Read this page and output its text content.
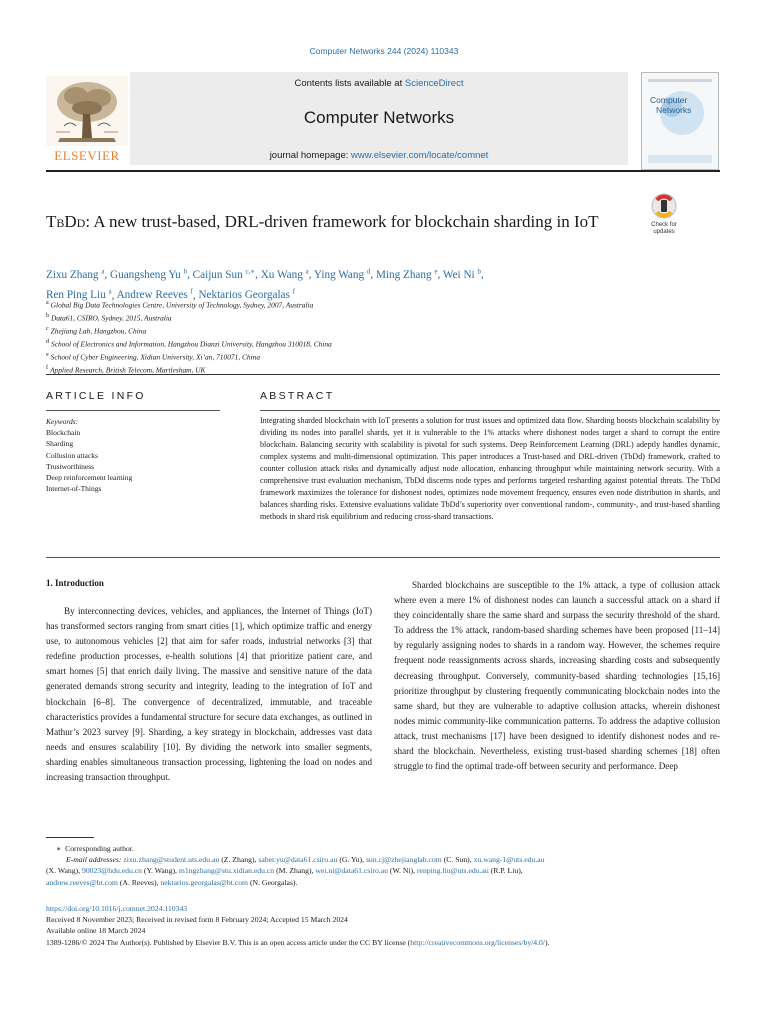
Computer Networks 244 (2024) 110343
Contents lists available at ScienceDirect
Computer Networks
journal homepage: www.elsevier.com/locate/comnet
ELSEVIER
Computer
Networks
TbDd: A new trust-based, DRL-driven framework for blockchain sharding in IoT	Check for
updates
Zixu Zhang $^a$, Guangsheng Yu $^b$, Caijun Sun $^{c,∗}$, Xu Wang $^a$, Ying Wang $^d$, Ming Zhang $^e$, Wei Ni $^b$,
Ren Ping Liu $^a$, Andrew Reeves $^f$, Nektarios Georgalas $^f$
$^a$ Global Big Data Technologies Centre, University of Technology, Sydney, 2007, Australia
$^b$ Data61, CSIRO, Sydney, 2015, Australia
$^c$ Zhejiang Lab, Hangzhou, China
$^d$ School of Electronics and Information, Hangzhou Dianzi University, Hangzhou 310018, China
$^e$ School of Cyber Engineering, Xidian University, Xi’an, 710071, China
$^f$ Applied Research, British Telecom, Martlesham, UK
ARTICLE INFO
Keywords:
Blockchain
Sharding
Collusion attacks
Trustworthiness
Deep reinforcement learning
Internet-of-Things
ABSTRACT
Integrating sharded blockchain with IoT presents a solution for trust issues and optimized data flow. Sharding boosts blockchain scalability by dividing its nodes into parallel shards, yet it is vulnerable to the 1% attacks where dishonest nodes target a shard to corrupt the entire blockchain. Balancing security with scalability is pivotal for such systems. Deep Reinforcement Learning (DRL) adeptly handles dynamic, complex systems and multi-dimensional optimization. This paper introduces a Trust-based and DRL-driven (TbDd) framework, crafted to counter collusion attack risks and dynamically adjust node allocation, enhancing throughput while maintaining network security. With a comprehensive trust evaluation mechanism, TbDd discerns node types and performs targeted resharding against potential threats. The TbDd framework maximizes the tolerance for dishonest nodes, optimizes node movement frequency, ensures even node distribution in shards, and balances sharding risks. Extensive evaluations validate TbDd’s superiority over conventional random-, community-, and trust-based sharding methods in shard risk equilibrium and reducing cross-shard transactions.
1. Introduction
By interconnecting devices, vehicles, and appliances, the Internet of Things (IoT) has transformed sectors ranging from smart cities [1], which optimize traffic and energy use, to autonomous vehicles [2] that aim for safer roads, industrial networks [3] that redefine production processes, e-health solutions [4] that prioritize patient care, and smart homes [5] that enrich daily living. The massive and sensitive nature of the data generated demands strong security and integrity, leading to the integration of IoT and blockchain [6–8]. The convergence of decentralized, immutable, and traceable characteristics provides a fundamental structure for secure data exchanges, as outlined in Mathur’s 2023 survey [9]. Sharding, a key strategy in blockchain, addresses vast data needs and ensures scalability [10]. By dividing the network into smaller segments, sharding enables simultaneous transaction processing, lightening the load on nodes and increasing transaction throughput.
Sharded blockchains are susceptible to the 1% attack, a type of collusion attack where even a mere 1% of dishonest nodes can launch a successful attack on a shard if they coincidentally share the same shard and surpass the security threshold of the shard. To address the 1% attack, random-based sharding schemes have been proposed [11–14] by regularly assigning nodes to shards in a random way. However, the schemes require frequent node reassignments across shards, increasing sharding costs and subsequently decreasing throughput. Conversely, community-based sharding technologies [15,16] prioritize throughput by clustering frequently communicating blockchain nodes into the same shard, but they are vulnerable to adaptive collusion attacks, wherein dishonest nodes mimic community-like communication patterns. To address the adaptive collusion attack, trust mechanisms [17] have been designed to identify dishonest nodes and re-shard the blockchain. Nevertheless, existing trust-based sharding schemes [18] often struggle to find the optimal trade-off between security and performance. Deep
∗ Corresponding author.
E-mail addresses: zixu.zhang@student.uts.edu.au (Z. Zhang), saber.yu@data61.csiro.au (G. Yu), sun.cj@zhejianglab.com (C. Sun), xu.wang-1@uts.edu.au
(X. Wang), 90023@hdu.edu.cn (Y. Wang), m1ngzhang@stu.xidian.edu.cn (M. Zhang), wei.ni@data61.csiro.au (W. Ni), renping.liu@uts.edu.au (R.P. Liu),
andrew.reeves@bt.com (A. Reeves), nektarios.georgalas@bt.com (N. Georgalas).
https://doi.org/10.1016/j.comnet.2024.110343
Received 8 November 2023; Received in revised form 8 February 2024; Accepted 15 March 2024
Available online 18 March 2024
1389-1286/© 2024 The Author(s). Published by Elsevier B.V. This is an open access article under the CC BY license (http://creativecommons.org/licenses/by/4.0/).
